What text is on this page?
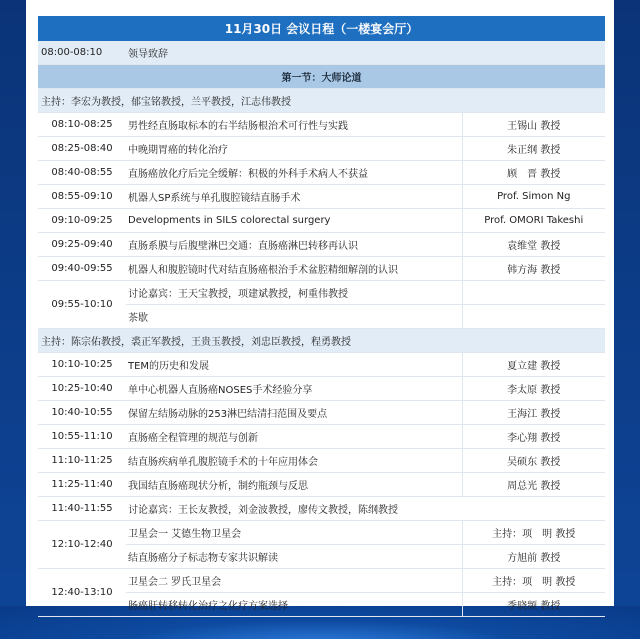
11月30日 会议日程（一楼宴会厅）		
08:00-08:10	领导致辞	
第一节：大师论道		
主持：李宏为教授，郁宝铭教授，兰平教授，江志伟教授		
08:10-08:25	男性经直肠取标本的右半结肠根治术可行性与实践	王锡山 教授
08:25-08:40	中晚期胃癌的转化治疗	朱正纲 教授
08:40-08:55	直肠癌放化疗后完全缓解：积极的外科手术病人不获益	顾　晋 教授
08:55-09:10	机器人SP系统与单孔腹腔镜结直肠手术	Prof. Simon Ng
09:10-09:25	Developments in SILS colorectal surgery	Prof. OMORI Takeshi
09:25-09:40	直肠系膜与后腹壁淋巴交通：直肠癌淋巴转移再认识	袁维堂 教授
09:40-09:55	机器人和腹腔镜时代对结直肠癌根治手术盆腔精细解剖的认识	韩方海 教授
09:55-10:10	讨论嘉宾：王天宝教授，项建斌教授，柯重伟教授	
	茶歇	
主持：陈宗佑教授，裘正军教授，王贵玉教授，刘忠臣教授，程勇教授		
10:10-10:25	TEM的历史和发展	夏立建 教授
10:25-10:40	单中心机器人直肠癌NOSES手术经验分享	李太原 教授
10:40-10:55	保留左结肠动脉的253淋巴结清扫范围及要点	王海江 教授
10:55-11:10	直肠癌全程管理的规范与创新	李心翔 教授
11:10-11:25	结直肠疾病单孔腹腔镜手术的十年应用体会	吴硕东 教授
11:25-11:40	我国结直肠癌现状分析，制约瓶颈与反思	周总光 教授
11:40-11:55	讨论嘉宾：王长友教授，刘金波教授，廖传文教授，陈纲教授	
12:10-12:40	卫星会一 艾德生物卫星会	主持：项　明 教授
	结直肠癌分子标志物专家共识解读	方旭前 教授
12:40-13:10	卫星会二 罗氏卫星会	主持：项　明 教授
	肠癌肝转移转化治疗之化疗方案选择	季晓频 教授
